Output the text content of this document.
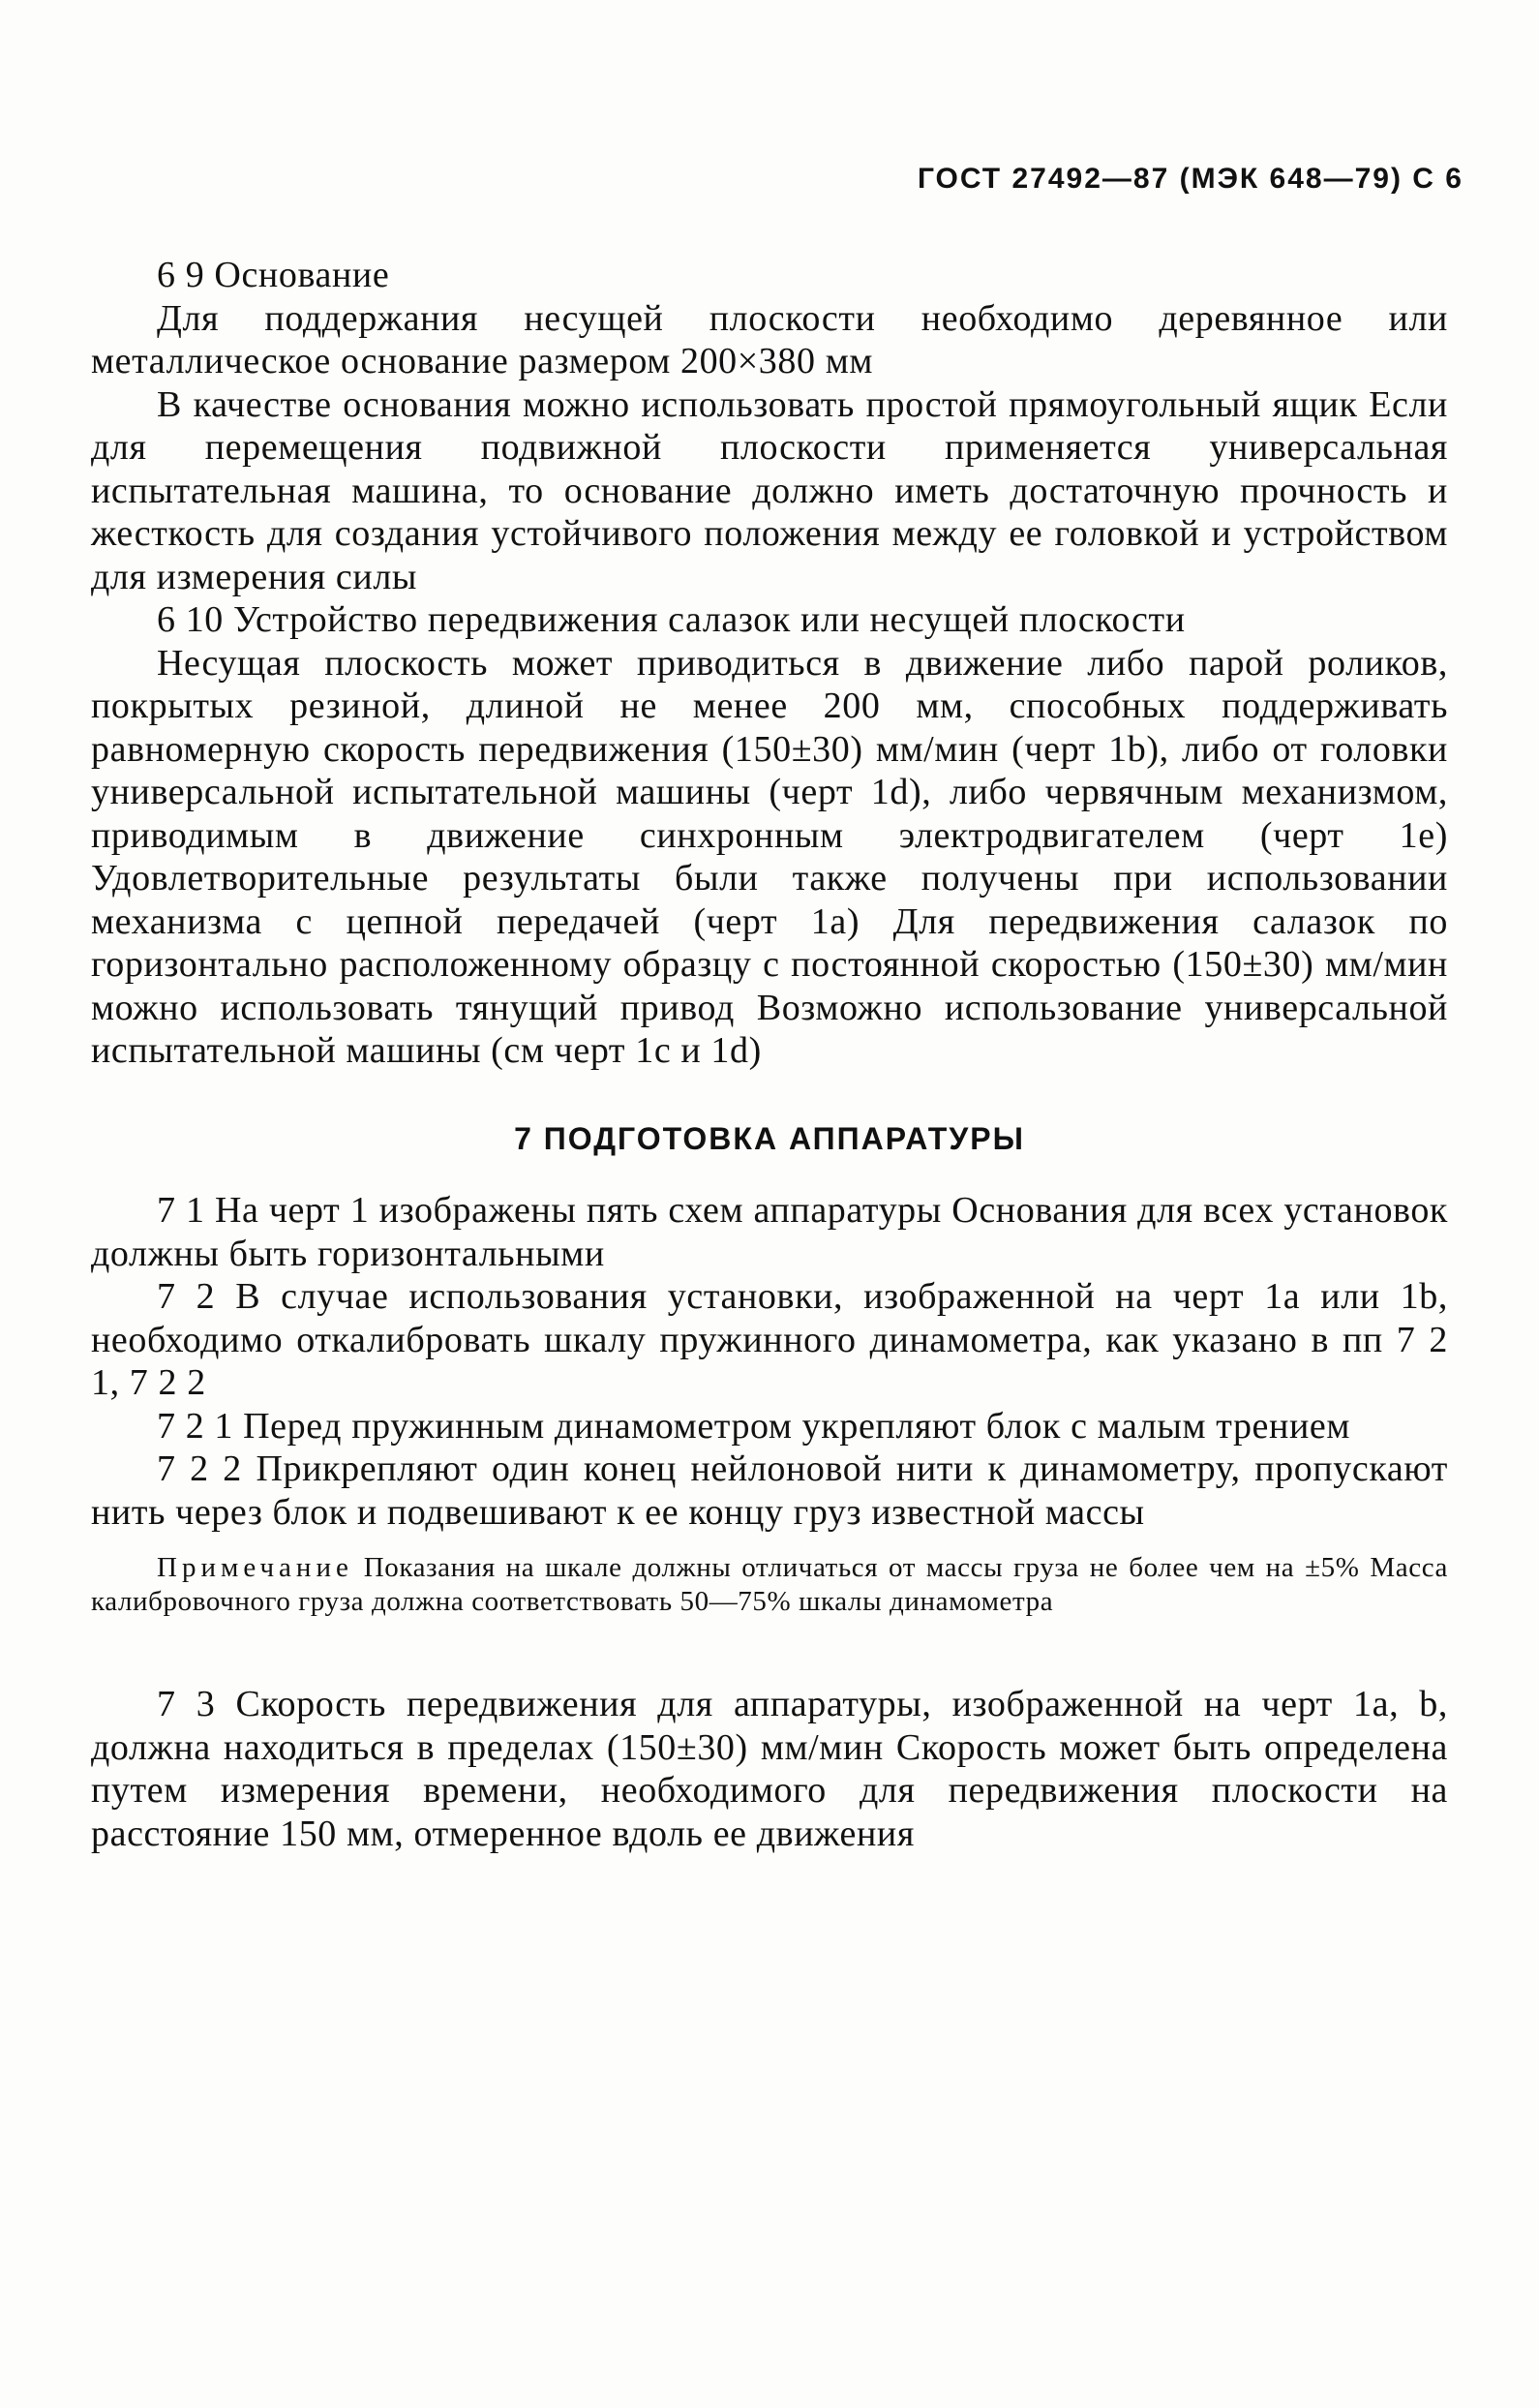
ГОСТ 27492—87 (МЭК 648—79) С 6

6 9 Основание

Для поддержания несущей плоскости необходимо деревянное или металлическое основание размером 200×380 мм

В качестве основания можно использовать простой прямоугольный ящик Если для перемещения подвижной плоскости применяется универсальная испытательная машина, то основание должно иметь достаточную прочность и жесткость для создания устойчивого положения между ее головкой и устройством для измерения силы

6 10 Устройство передвижения салазок или несущей плоскости

Несущая плоскость может приводиться в движение либо парой роликов, покрытых резиной, длиной не менее 200 мм, способных поддерживать равномерную скорость передвижения (150±30) мм/мин (черт 1b), либо от головки универсальной испытательной машины (черт 1d), либо червячным механизмом, приводимым в движение синхронным электродвигателем (черт 1e) Удовлетворительные результаты были также получены при использовании механизма с цепной передачей (черт 1a) Для передвижения салазок по горизонтально расположенному образцу с постоянной скоростью (150±30) мм/мин можно использовать тянущий привод Возможно использование универсальной испытательной машины (см черт 1c и 1d)

7 ПОДГОТОВКА АППАРАТУРЫ

7 1 На черт 1 изображены пять схем аппаратуры Основания для всех установок должны быть горизонтальными

7 2 В случае использования установки, изображенной на черт 1a или 1b, необходимо откалибровать шкалу пружинного динамометра, как указано в пп 7 2 1, 7 2 2

7 2 1 Перед пружинным динамометром укрепляют блок с малым трением

7 2 2 Прикрепляют один конец нейлоновой нити к динамометру, пропускают нить через блок и подвешивают к ее концу груз известной массы

Примечание Показания на шкале должны отличаться от массы груза не более чем на ±5% Масса калибровочного груза должна соответствовать 50—75% шкалы динамометра

7 3 Скорость передвижения для аппаратуры, изображенной на черт 1a, b, должна находиться в пределах (150±30) мм/мин Скорость может быть определена путем измерения времени, необходимого для передвижения плоскости на расстояние 150 мм, отмеренное вдоль ее движения
